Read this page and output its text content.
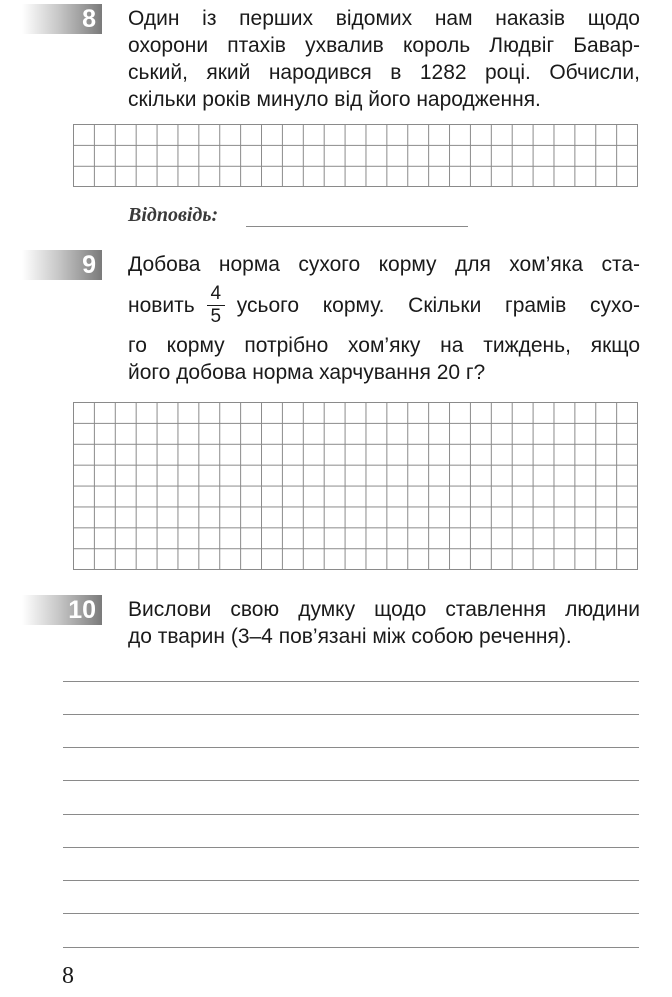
8 Один із перших відомих нам наказів щодо

охорони птахів ухвалив король Людвіг Бавар-

ський, який народився в 1282 році. Обчисли,

скільки років минуло від його народження.

Відповідь:
9 Добова норма сухого корму для хом’яка ста-

новить $\frac{4}{5}$ усього корму. Скільки грамів сухо-

го корму потрібно хом’яку на тиждень, якщо

його добова норма харчування 20 г?

10 Вислови свою думку щодо ставлення людини

до тварин (3–4 пов’язані між собою речення).

8
